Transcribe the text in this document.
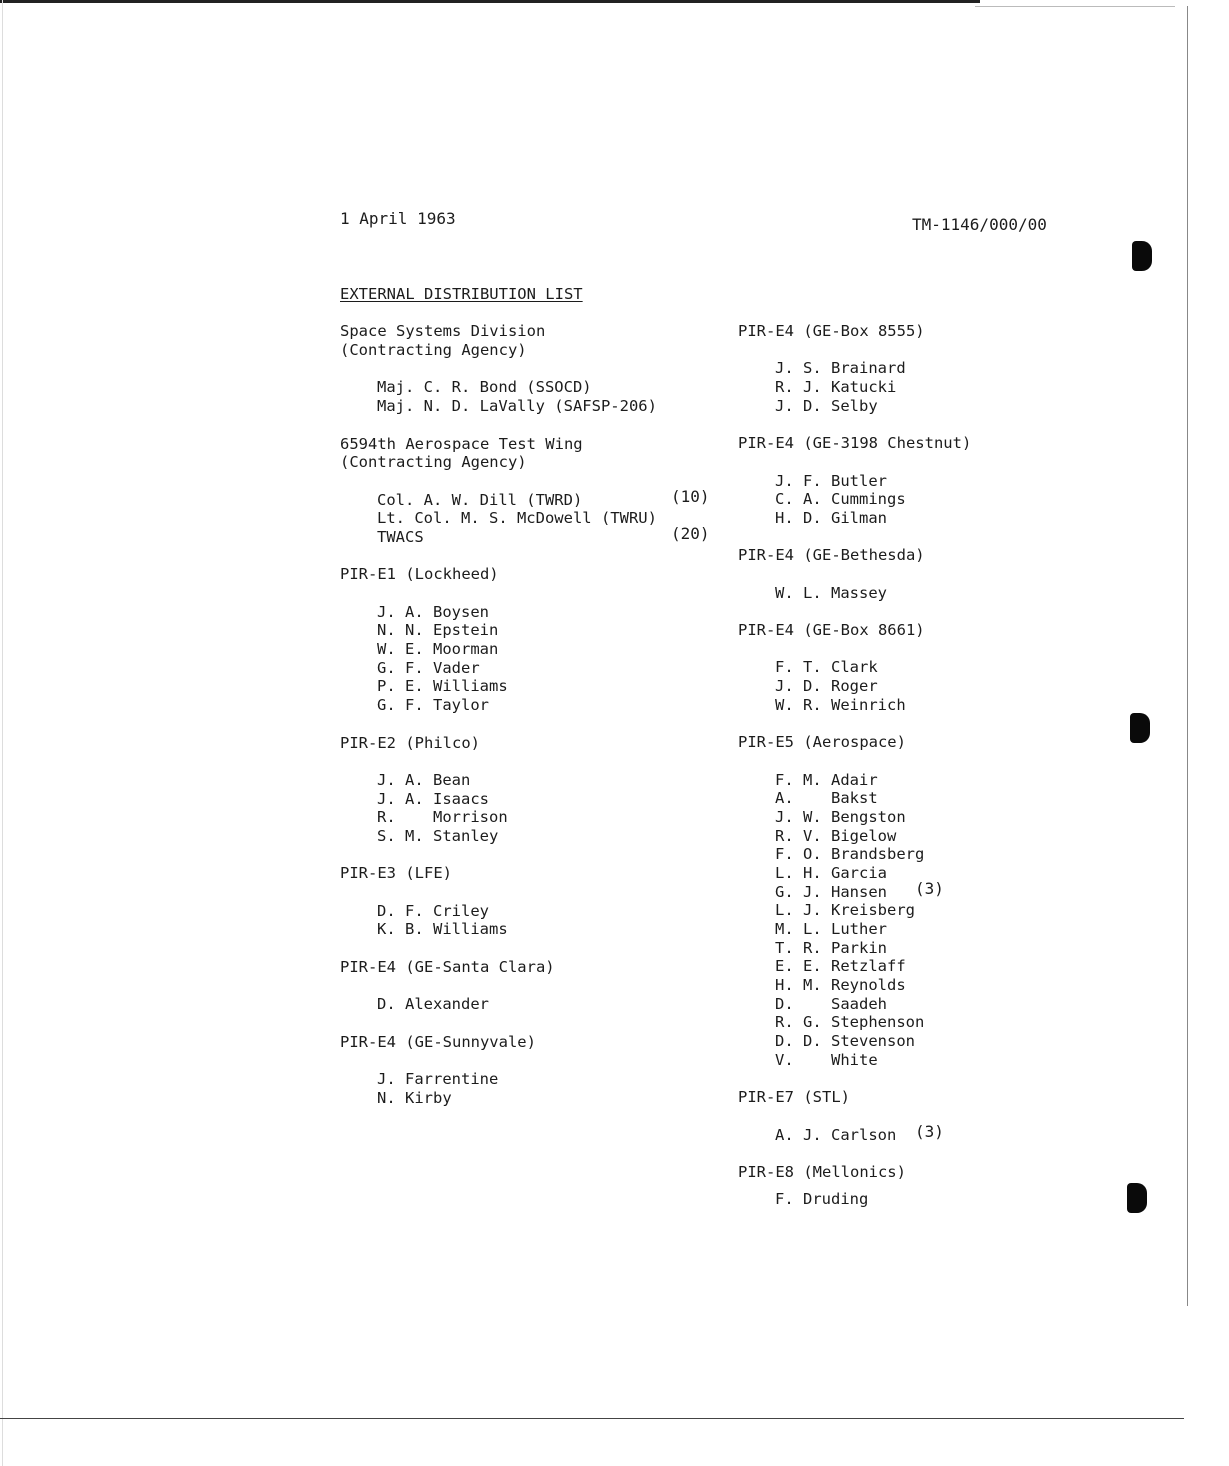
1 April 1963	TM-1146/000/00
EXTERNAL DISTRIBUTION LIST
Space Systems Division
(Contracting Agency)
Maj. C. R. Bond (SSOCD)
Maj. N. D. LaVally (SAFSP-206)
6594th Aerospace Test Wing
(Contracting Agency)
Col. A. W. Dill (TWRD)	(10)
Lt. Col. M. S. McDowell (TWRU)
TWACS	(20)
PIR-E1 (Lockheed)
J. A. Boysen
N. N. Epstein
W. E. Moorman
G. F. Vader
P. E. Williams
G. F. Taylor
PIR-E2 (Philco)
J. A. Bean
J. A. Isaacs
R.    Morrison
S. M. Stanley
PIR-E3 (LFE)
D. F. Criley
K. B. Williams
PIR-E4 (GE-Santa Clara)
D. Alexander
PIR-E4 (GE-Sunnyvale)
J. Farrentine
N. Kirby
PIR-E4 (GE-Box 8555)
J. S. Brainard
R. J. Katucki
J. D. Selby
PIR-E4 (GE-3198 Chestnut)
J. F. Butler
C. A. Cummings
H. D. Gilman
PIR-E4 (GE-Bethesda)
W. L. Massey
PIR-E4 (GE-Box 8661)
F. T. Clark
J. D. Roger
W. R. Weinrich
PIR-E5 (Aerospace)
F. M. Adair
A.    Bakst
J. W. Bengston
R. V. Bigelow
F. O. Brandsberg
L. H. Garcia
G. J. Hansen (3)
L. J. Kreisberg
M. L. Luther
T. R. Parkin
E. E. Retzlaff
H. M. Reynolds
D.    Saadeh
R. G. Stephenson
D. D. Stevenson
V.    White
PIR-E7 (STL)
A. J. Carlson (3)
PIR-E8 (Mellonics)
F. Druding
